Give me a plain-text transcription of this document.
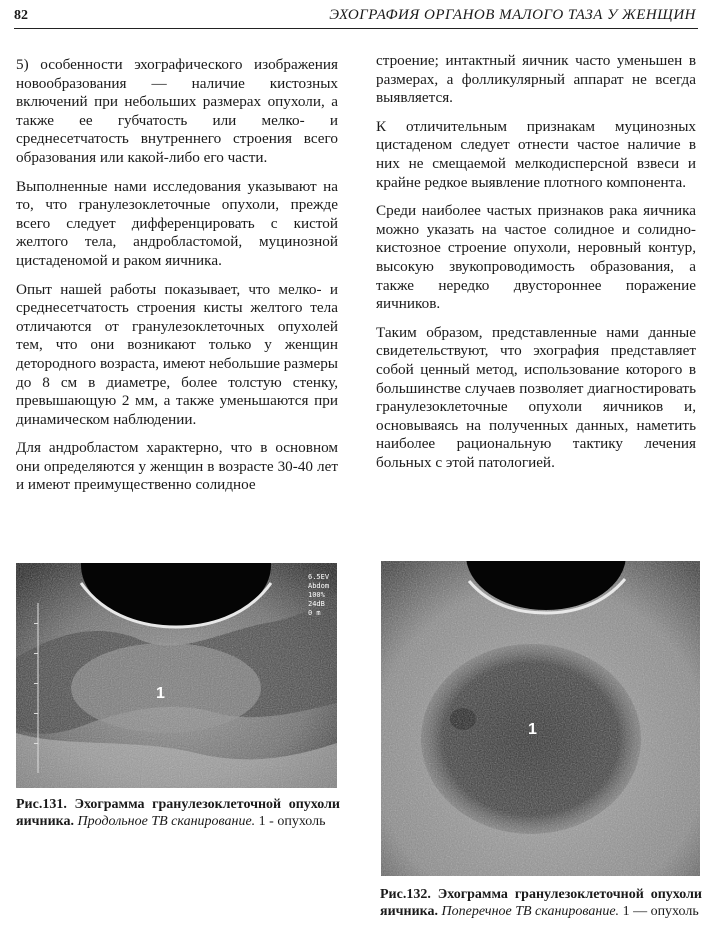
82	ЭХОГРАФИЯ ОРГАНОВ МАЛОГО ТАЗА У ЖЕНЩИН

5) особенности эхографического изображения новообразования — наличие кистозных включений при небольших размерах опухоли, а также ее губчатость или мелко- и среднесетчатость внутреннего строения всего образования или какой-либо его части.

Выполненные нами исследования указывают на то, что гранулезоклеточные опухоли, прежде всего следует дифференцировать с кистой желтого тела, андробластомой, муцинозной цистаденомой и раком яичника.

Опыт нашей работы показывает, что мелко- и среднесетчатость строения кисты желтого тела отличаются от гранулезоклеточных опухолей тем, что они возникают только у женщин детородного возраста, имеют небольшие размеры до 8 см в диаметре, более толстую стенку, превышающую 2 мм, а также уменьшаются при динамическом наблюдении.

Для андробластом характерно, что в основном они определяются у женщин в возрасте 30-40 лет и имеют преимущественно солидное

строение; интактный яичник часто уменьшен в размерах, а фолликулярный аппарат не всегда выявляется.

К отличительным признакам муцинозных цистаденом следует отнести частое наличие в них не смещаемой мелкодисперсной взвеси и крайне редкое выявление плотного компонента.

Среди наиболее частых признаков рака яичника можно указать на частое солидное и солидно-кистозное строение опухоли, неровный контур, высокую звукопроводимость образования, а также нередко двустороннее поражение яичников.

Таким образом, представленные нами данные свидетельствуют, что эхография представляет собой ценный метод, использование которого в большинстве случаев позволяет диагностировать гранулезоклеточные опухоли яичников и, основываясь на полученных данных, наметить наиболее рациональную тактику лечения больных с этой патологией.

6.5EV
Abdom
100%
24dB
0 m
1
Рис.131. Эхограмма гранулезоклеточной опухоли яичника. Продольное ТВ сканирование. 1 - опухоль
1
Рис.132. Эхограмма гранулезоклеточной опухоли яичника. Поперечное ТВ сканирование. 1 — опухоль
